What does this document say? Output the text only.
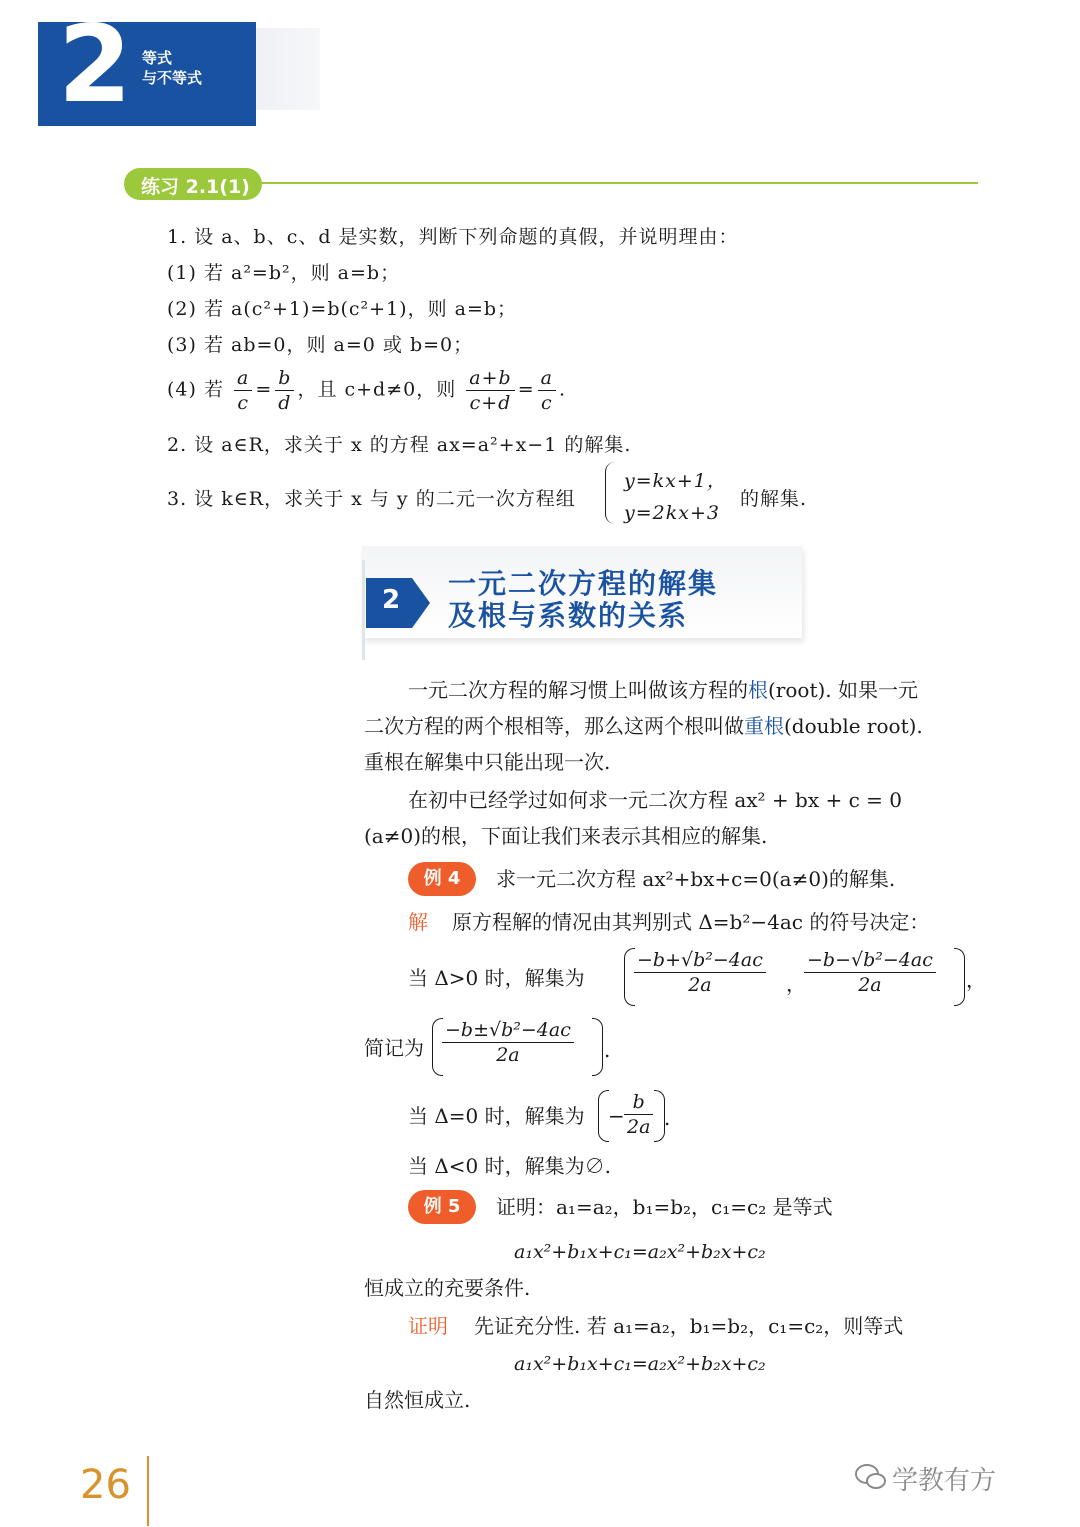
2 等式
与不等式
练习 2.1(1)
1. 设 a、b、c、d 是实数，判断下列命题的真假，并说明理由：
(1) 若 a²=b²，则 a=b；
(2) 若 a(c²+1)=b(c²+1)，则 a=b；
(3) 若 ab=0，则 a=0 或 b=0；
(4) 若 $\frac{a}{c} = \frac{b}{d}$ ，且 c+d≠0，则 $\frac{a+b}{c+d} = \frac{a}{c}$ .
2. 设 a∈R，求关于 x 的方程 ax=a²+x−1 的解集.
3. 设 k∈R，求关于 x 与 y 的二元一次方程组
y=kx+1，
y=2kx+3
的解集.
2 一元二次方程的解集
及根与系数的关系
一元二次方程的解习惯上叫做该方程的根(root). 如果一元
二次方程的两个根相等，那么这两个根叫做重根(double root).
重根在解集中只能出现一次.
在初中已经学过如何求一元二次方程 ax² + bx + c = 0
(a≠0)的根，下面让我们来表示其相应的解集.
例 4	求一元二次方程 ax²+bx+c=0(a≠0)的解集.
解 原方程解的情况由其判别式 Δ=b²−4ac 的符号决定：
当 Δ>0 时，解集为	$\frac{\text{−b+√b²−4ac}}{2a}$ ，
$\frac{\text{−b−√b²−4ac}}{2a}$ ，
简记为 $\frac{\text{−b±√b²−4ac}}{2a}$ .
当 Δ=0 时，解集为 − $\frac{b}{2a}$ .
当 Δ<0 时，解集为∅.
例 5	证明：a₁=a₂，b₁=b₂，c₁=c₂ 是等式
a₁x²+b₁x+c₁=a₂x²+b₂x+c₂
恒成立的充要条件.
证明 先证充分性. 若 a₁=a₂，b₁=b₂，c₁=c₂，则等式
a₁x²+b₁x+c₁=a₂x²+b₂x+c₂
自然恒成立.
26	学教有方
